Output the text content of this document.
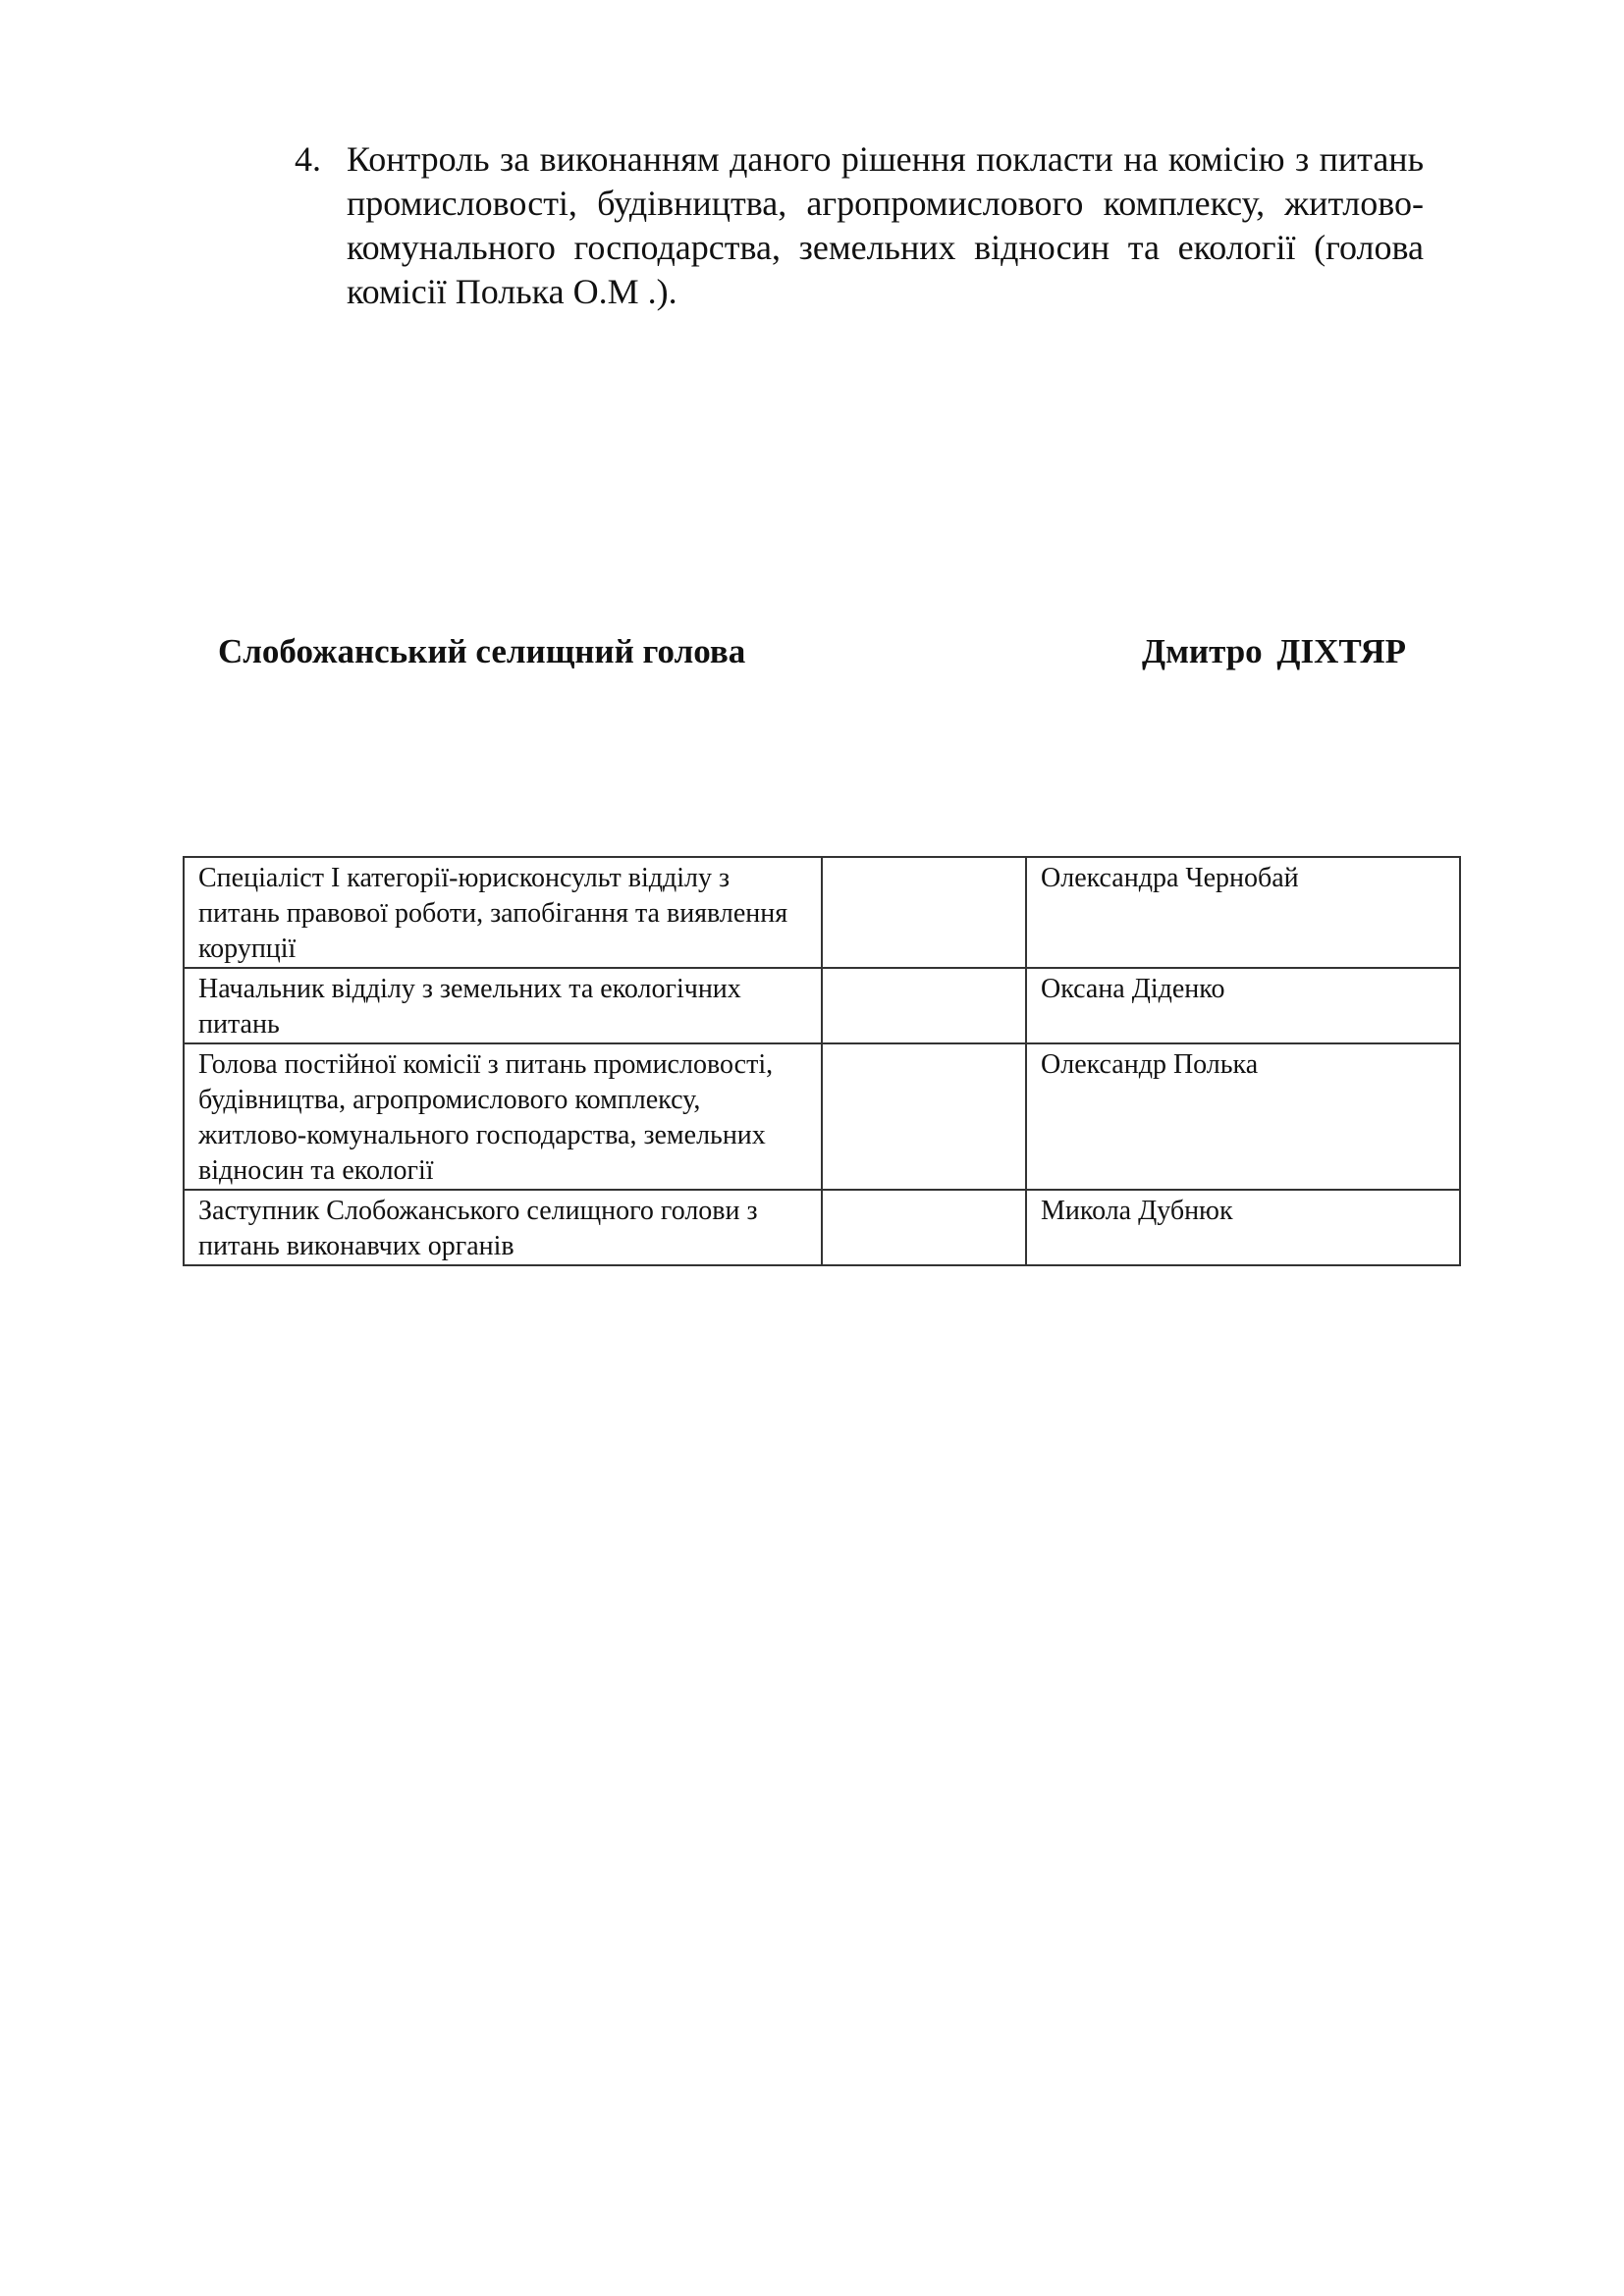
4. Контроль за виконанням даного рішення покласти на комісію з питань промисловості, будівництва, агропромислового комплексу, житлово-комунального господарства, земельних відносин та екології (голова комісії Полька О.М .).
Слобожанський селищний голова	Дмитро ДІХТЯР
Спеціаліст І категорії-юрисконсульт відділу з питань правової роботи, запобігання та виявлення корупції		Олександра Чернобай
Начальник відділу з земельних та екологічних питань		Оксана Діденко
Голова постійної комісії з питань промисловості, будівництва, агропромислового комплексу, житлово-комунального господарства, земельних відносин та екології		Олександр Полька
Заступник Слобожанського селищного голови з питань виконавчих органів		Микола Дубнюк
